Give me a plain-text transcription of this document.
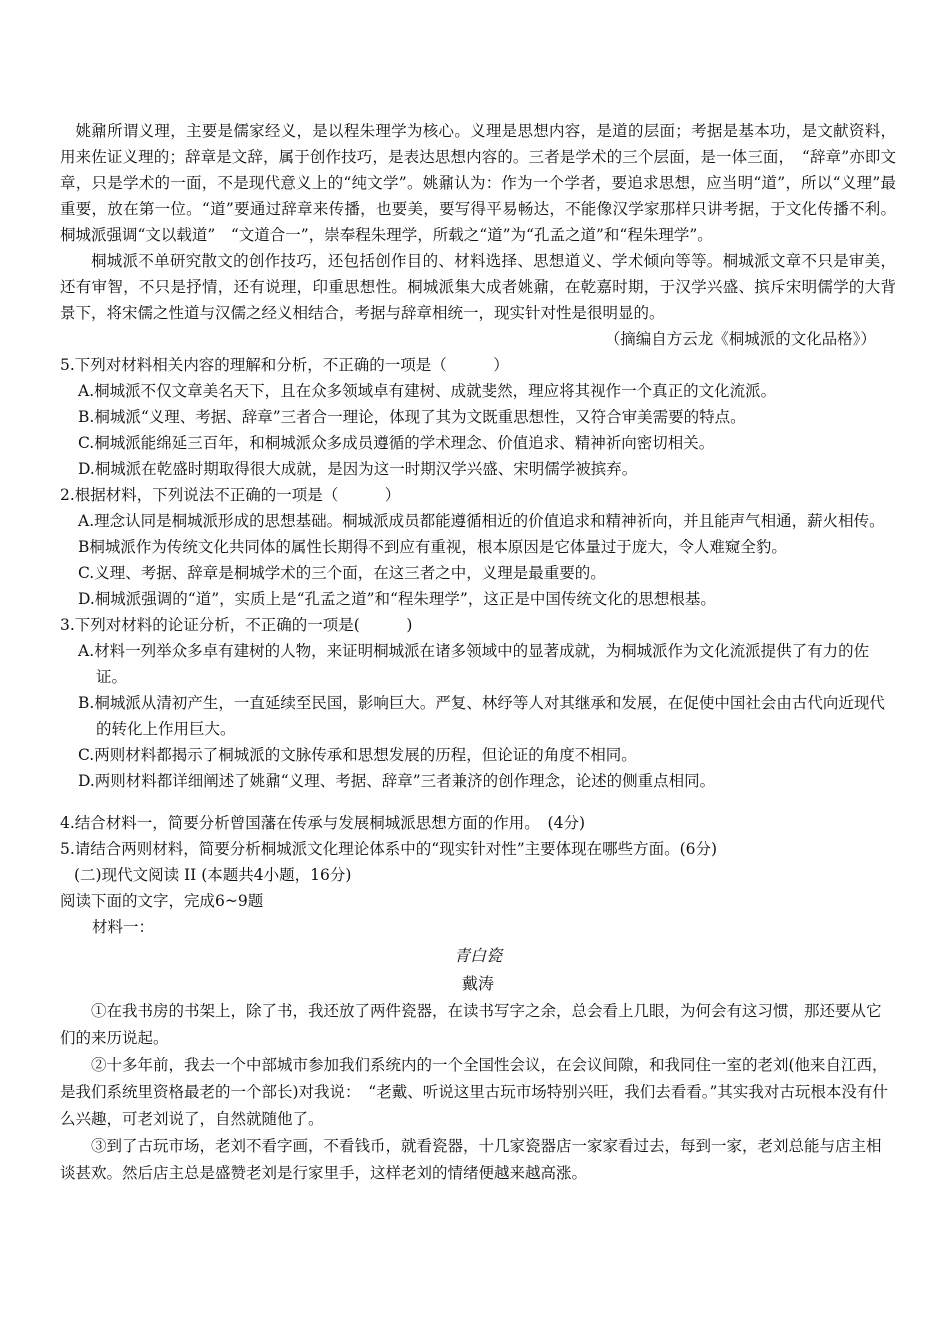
姚鼐所谓义理，主要是儒家经义，是以程朱理学为核心。义理是思想内容，是道的层面；考据是基本功，是文献资料，用来佐证义理的；辞章是文辞，属于创作技巧，是表达思想内容的。三者是学术的三个层面，是一体三面，　“辞章”亦即文章，只是学术的一面，不是现代意义上的“纯文学”。姚鼐认为：作为一个学者，要追求思想，应当明“道”，所以“义理”最重要，放在第一位。“道”要通过辞章来传播，也要美，要写得平易畅达，不能像汉学家那样只讲考据，于文化传播不利。桐城派强调“文以载道”　“文道合一”，崇奉程朱理学，所载之“道”为“孔孟之道”和“程朱理学”。

桐城派不单研究散文的创作技巧，还包括创作目的、材料选择、思想道义、学术倾向等等。桐城派文章不只是审美，还有审智，不只是抒情，还有说理，印重思想性。桐城派集大成者姚鼐，在乾嘉时期，于汉学兴盛、摈斥宋明儒学的大背景下，将宋儒之性道与汉儒之经义相结合，考据与辞章相统一，现实针对性是很明显的。

（摘编自方云龙《桐城派的文化品格》）

5.下列对材料相关内容的理解和分析，不正确的一项是（　　　）

A.桐城派不仅文章美名天下，且在众多领域卓有建树、成就斐然，理应将其视作一个真正的文化流派。

B.桐城派“义理、考据、辞章”三者合一理论，体现了其为文既重思想性，又符合审美需要的特点。

C.桐城派能绵延三百年，和桐城派众多成员遵循的学术理念、价值追求、精神祈向密切相关。

D.桐城派在乾盛时期取得很大成就，是因为这一时期汉学兴盛、宋明儒学被摈弃。

2.根据材料，下列说法不正确的一项是（　　　）

A.理念认同是桐城派形成的思想基础。桐城派成员都能遵循相近的价值追求和精神祈向，并且能声气相通，薪火相传。

B桐城派作为传统文化共同体的属性长期得不到应有重视，根本原因是它体量过于庞大，令人难窥全豹。

C.义理、考据、辞章是桐城学术的三个面，在这三者之中，义理是最重要的。

D.桐城派强调的“道”，实质上是“孔孟之道”和“程朱理学”，这正是中国传统文化的思想根基。

3.下列对材料的论证分析，不正确的一项是(　　　)

A.材料一列举众多卓有建树的人物，来证明桐城派在诸多领域中的显著成就，为桐城派作为文化流派提供了有力的佐证。

B.桐城派从清初产生，一直延续至民国，影响巨大。严复、林纾等人对其继承和发展，在促使中国社会由古代向近现代的转化上作用巨大。

C.两则材料都揭示了桐城派的文脉传承和思想发展的历程，但论证的角度不相同。

D.两则材料都详细阐述了姚鼐“义理、考据、辞章”三者兼济的创作理念，论述的侧重点相同。

4.结合材料一，简要分析曾国藩在传承与发展桐城派思想方面的作用。　(4分)

5.请结合两则材料，简要分析桐城派文化理论体系中的“现实针对性”主要体现在哪些方面。(6分)

(二)现代文阅读 II (本题共4小题，16分)

阅读下面的文字，完成6~9题

材料一：

青白瓷

戴涛

①在我书房的书架上，除了书，我还放了两件瓷器，在读书写字之余，总会看上几眼，为何会有这习惯，那还要从它们的来历说起。

②十多年前，我去一个中部城市参加我们系统内的一个全国性会议，在会议间隙，和我同住一室的老刘(他来自江西，是我们系统里资格最老的一个部长)对我说：　“老戴、听说这里古玩市场特别兴旺，我们去看看。”其实我对古玩根本没有什么兴趣，可老刘说了，自然就随他了。

③到了古玩市场，老刘不看字画，不看钱币，就看瓷器，十几家瓷器店一家家看过去，每到一家，老刘总能与店主相谈甚欢。然后店主总是盛赞老刘是行家里手，这样老刘的情绪便越来越高涨。
